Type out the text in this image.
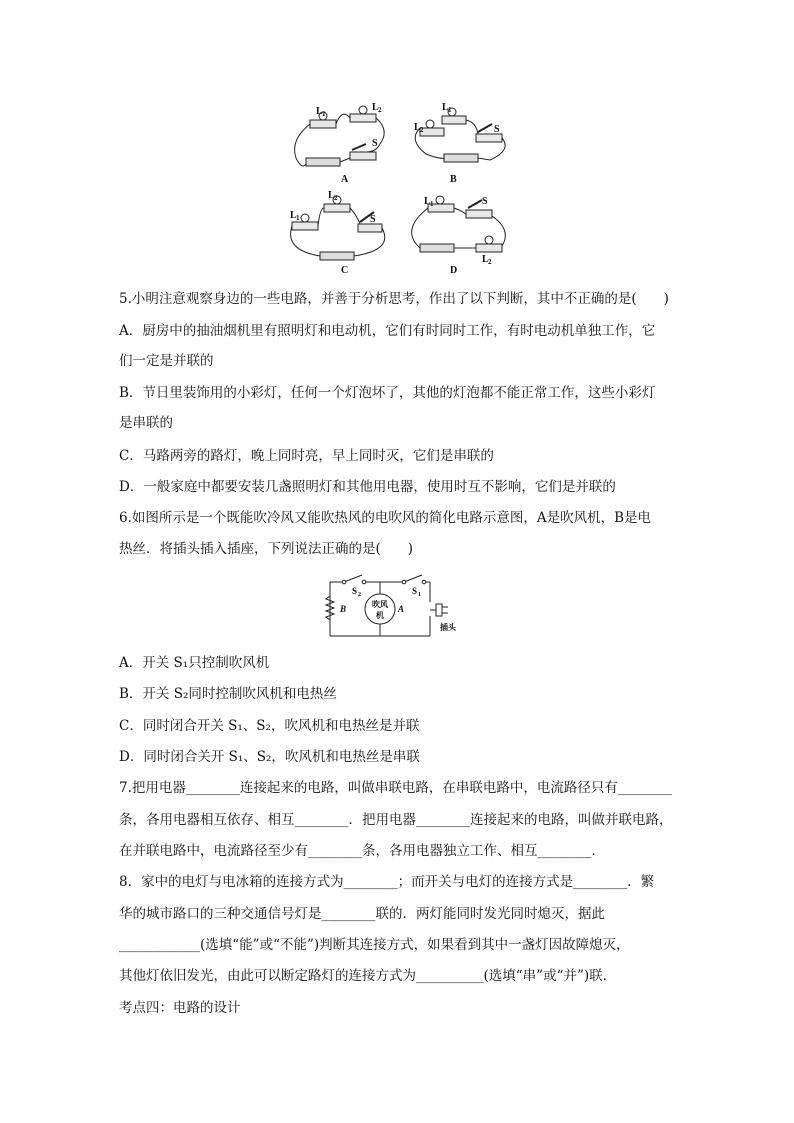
L 1
L 2
S
L 1
L 2	S
L 2
L 1	S
L 1	S
L 2
A	B
C	D
5.小明注意观察身边的一些电路，并善于分析思考，作出了以下判断，其中不正确的是(　　)
A．厨房中的抽油烟机里有照明灯和电动机，它们有时同时工作，有时电动机单独工作，它
们一定是并联的
B．节日里装饰用的小彩灯，任何一个灯泡坏了，其他的灯泡都不能正常工作，这些小彩灯
是串联的
C．马路两旁的路灯，晚上同时亮，早上同时灭，它们是串联的
D．一般家庭中都要安装几盏照明灯和其他用电器，使用时互不影响，它们是并联的
6.如图所示是一个既能吹冷风又能吹热风的电吹风的简化电路示意图，A是吹风机，B是电
热丝．将插头插入插座，下列说法正确的是(　　)
S 2	S 1
B	A
吹风
机
插头
A．开关 S₁只控制吹风机
B．开关 S₂同时控制吹风机和电热丝
C．同时闭合开关 S₁、S₂，吹风机和电热丝是并联
D．同时闭合关开 S₁、S₂，吹风机和电热丝是串联
7.把用电器________连接起来的电路，叫做串联电路，在串联电路中，电流路径只有________
条，各用电器相互依存、相互________．把用电器________连接起来的电路，叫做并联电路，
在并联电路中，电流路径至少有________条，各用电器独立工作、相互________．
8．家中的电灯与电冰箱的连接方式为________；而开关与电灯的连接方式是________．繁
华的城市路口的三种交通信号灯是________联的．两灯能同时发光同时熄灭，据此
____________(选填“能”或“不能”)判断其连接方式，如果看到其中一盏灯因故障熄灭，
其他灯依旧发光，由此可以断定路灯的连接方式为__________(选填“串”或“并”)联．
考点四：电路的设计
